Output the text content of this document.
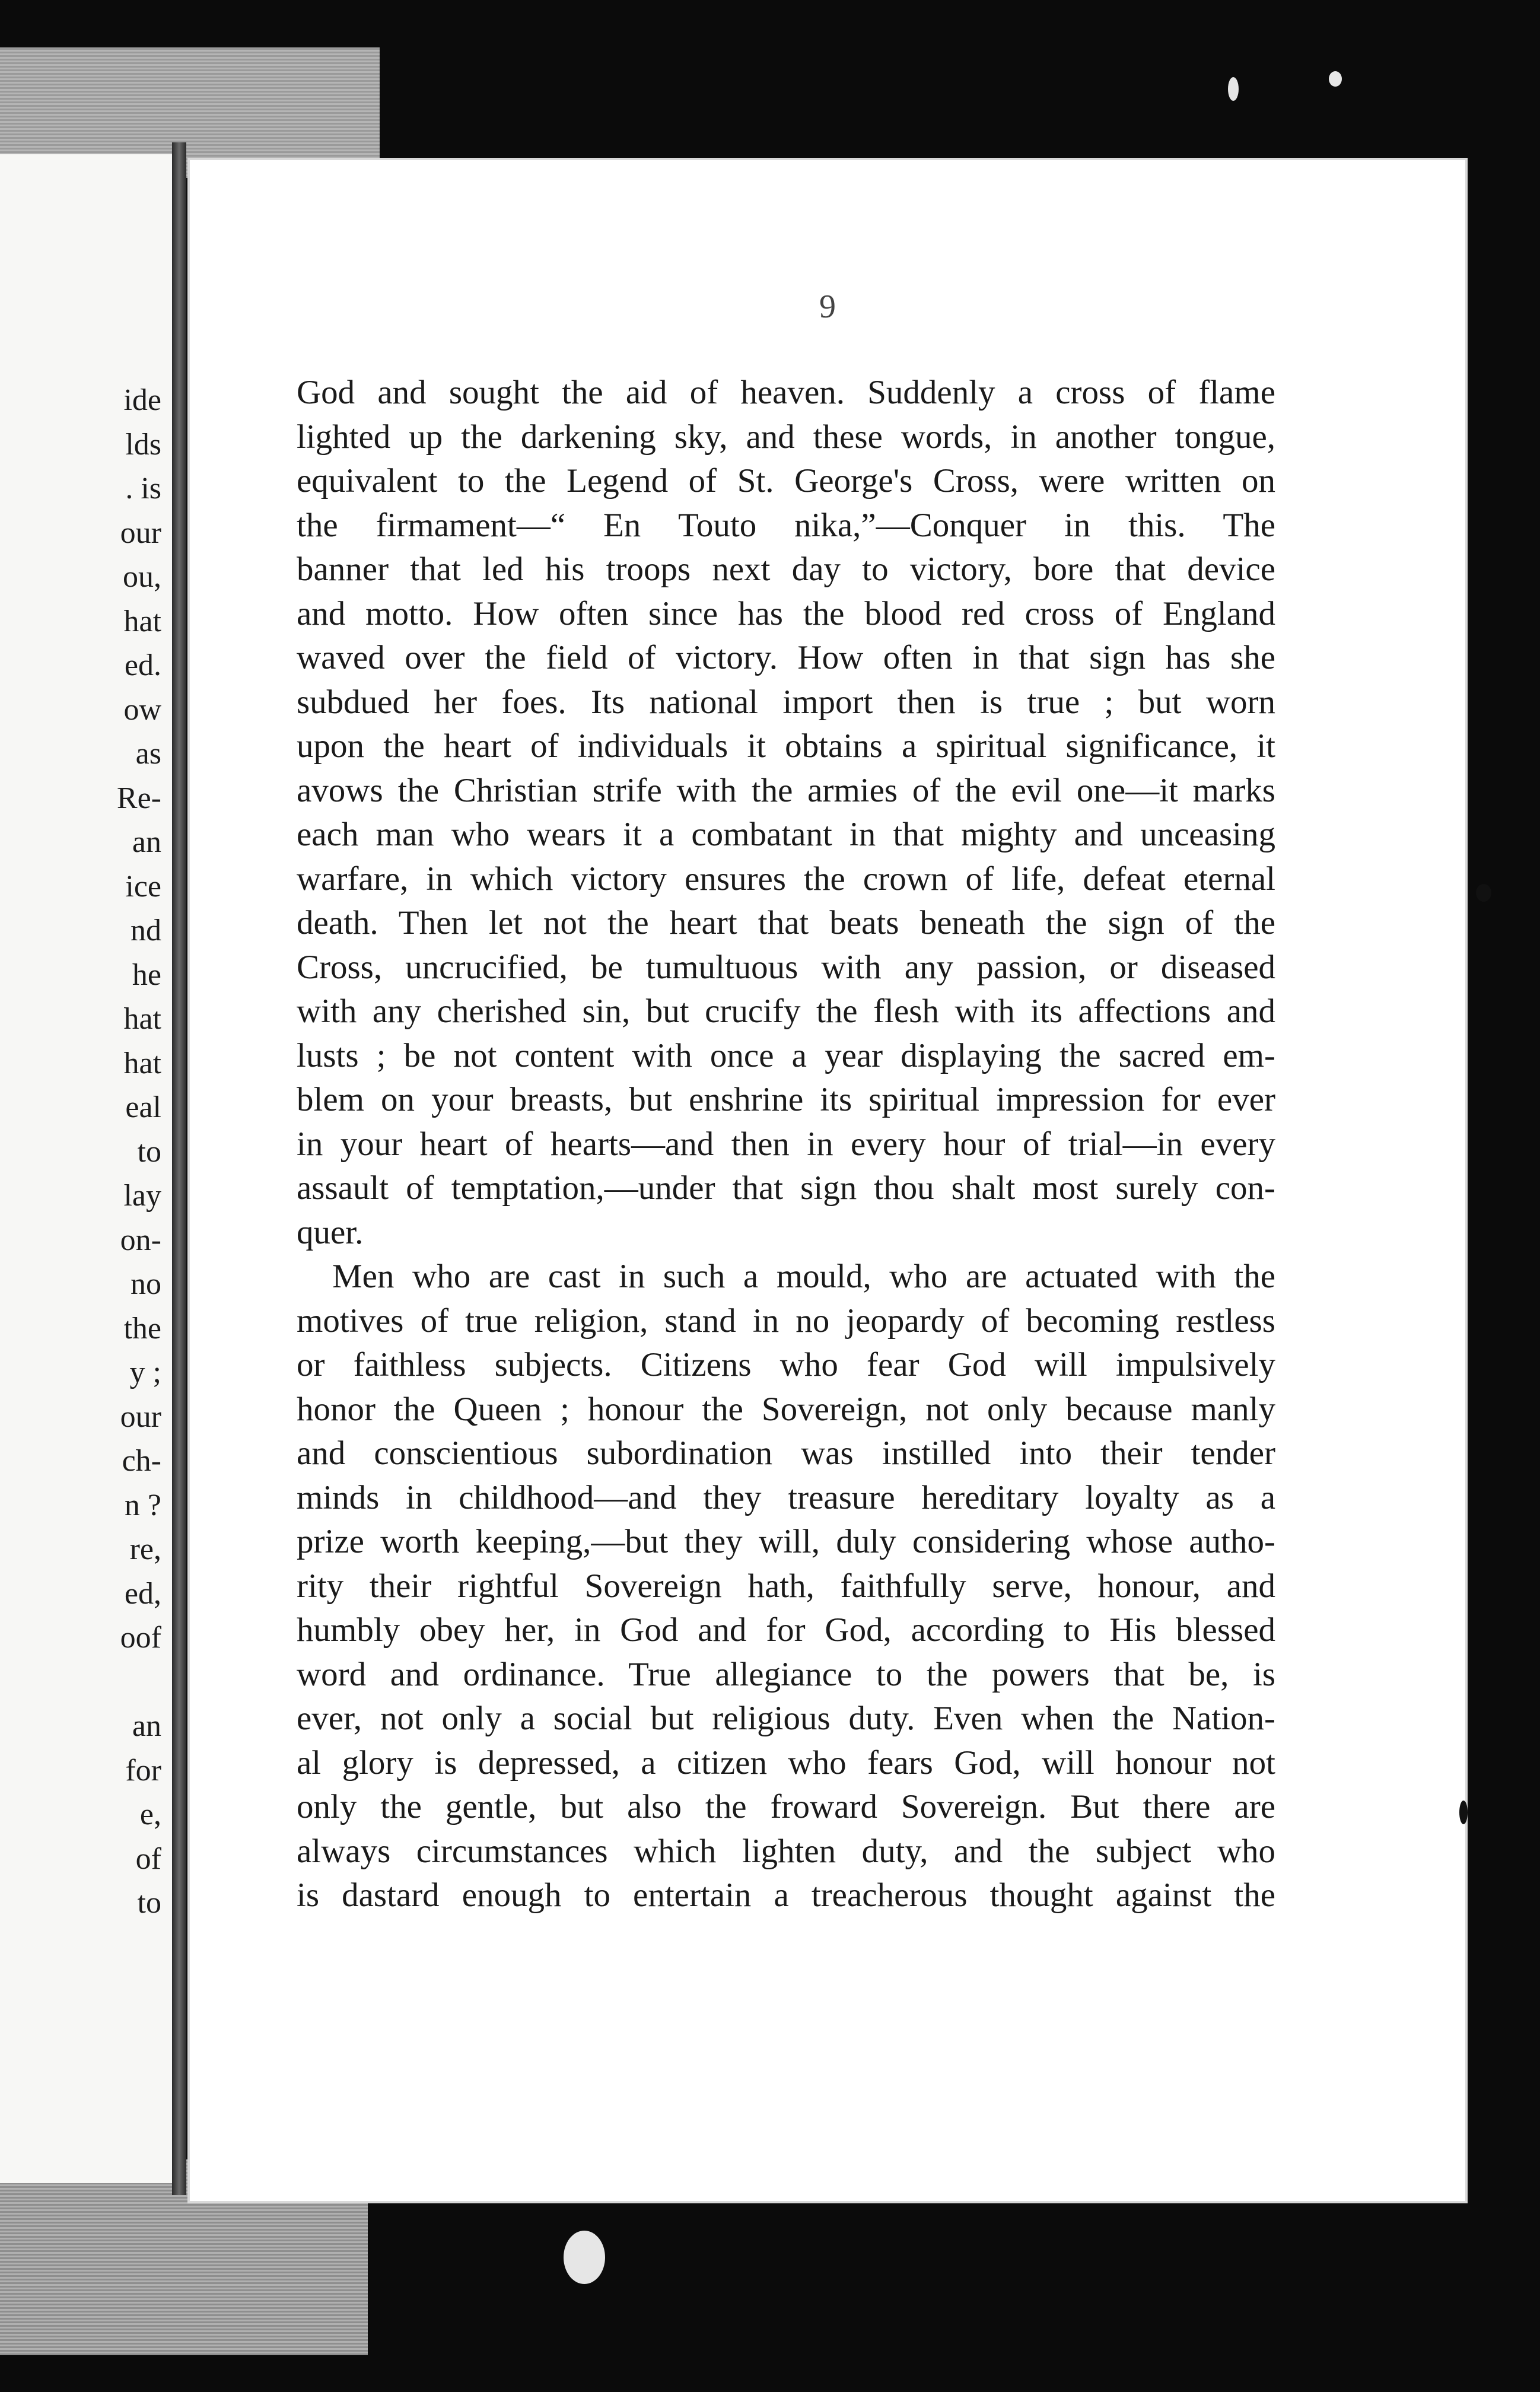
ide
lds
. is
our
ou,
hat
ed.
ow
as
Re-
an
ice
nd
he
hat
hat
eal
to
lay
on-
no
the
y ;
our
ch-
n ?
re,
ed,
oof
an
for
e,
of
to
9
God and sought the aid of heaven. Suddenly a cross of flame
lighted up the darkening sky, and these words, in another tongue,
equivalent to the Legend of St. George's Cross, were written on
the firmament—“ En Touto nika,”—Conquer in this. The
banner that led his troops next day to victory, bore that device
and motto. How often since has the blood red cross of England
waved over the field of victory. How often in that sign has she
subdued her foes. Its national import then is true ; but worn
upon the heart of individuals it obtains a spiritual significance, it
avows the Christian strife with the armies of the evil one—it marks
each man who wears it a combatant in that mighty and unceasing
warfare, in which victory ensures the crown of life, defeat eternal
death. Then let not the heart that beats beneath the sign of the
Cross, uncrucified, be tumultuous with any passion, or diseased
with any cherished sin, but crucify the flesh with its affections and
lusts ; be not content with once a year displaying the sacred em-
blem on your breasts, but enshrine its spiritual impression for ever
in your heart of hearts—and then in every hour of trial—in every
assault of temptation,—under that sign thou shalt most surely con-
quer.
Men who are cast in such a mould, who are actuated with the
motives of true religion, stand in no jeopardy of becoming restless
or faithless subjects. Citizens who fear God will impulsively
honor the Queen ; honour the Sovereign, not only because manly
and conscientious subordination was instilled into their tender
minds in childhood—and they treasure hereditary loyalty as a
prize worth keeping,—but they will, duly considering whose autho-
rity their rightful Sovereign hath, faithfully serve, honour, and
humbly obey her, in God and for God, according to His blessed
word and ordinance. True allegiance to the powers that be, is
ever, not only a social but religious duty. Even when the Nation-
al glory is depressed, a citizen who fears God, will honour not
only the gentle, but also the froward Sovereign. But there are
always circumstances which lighten duty, and the subject who
is dastard enough to entertain a treacherous thought against the
